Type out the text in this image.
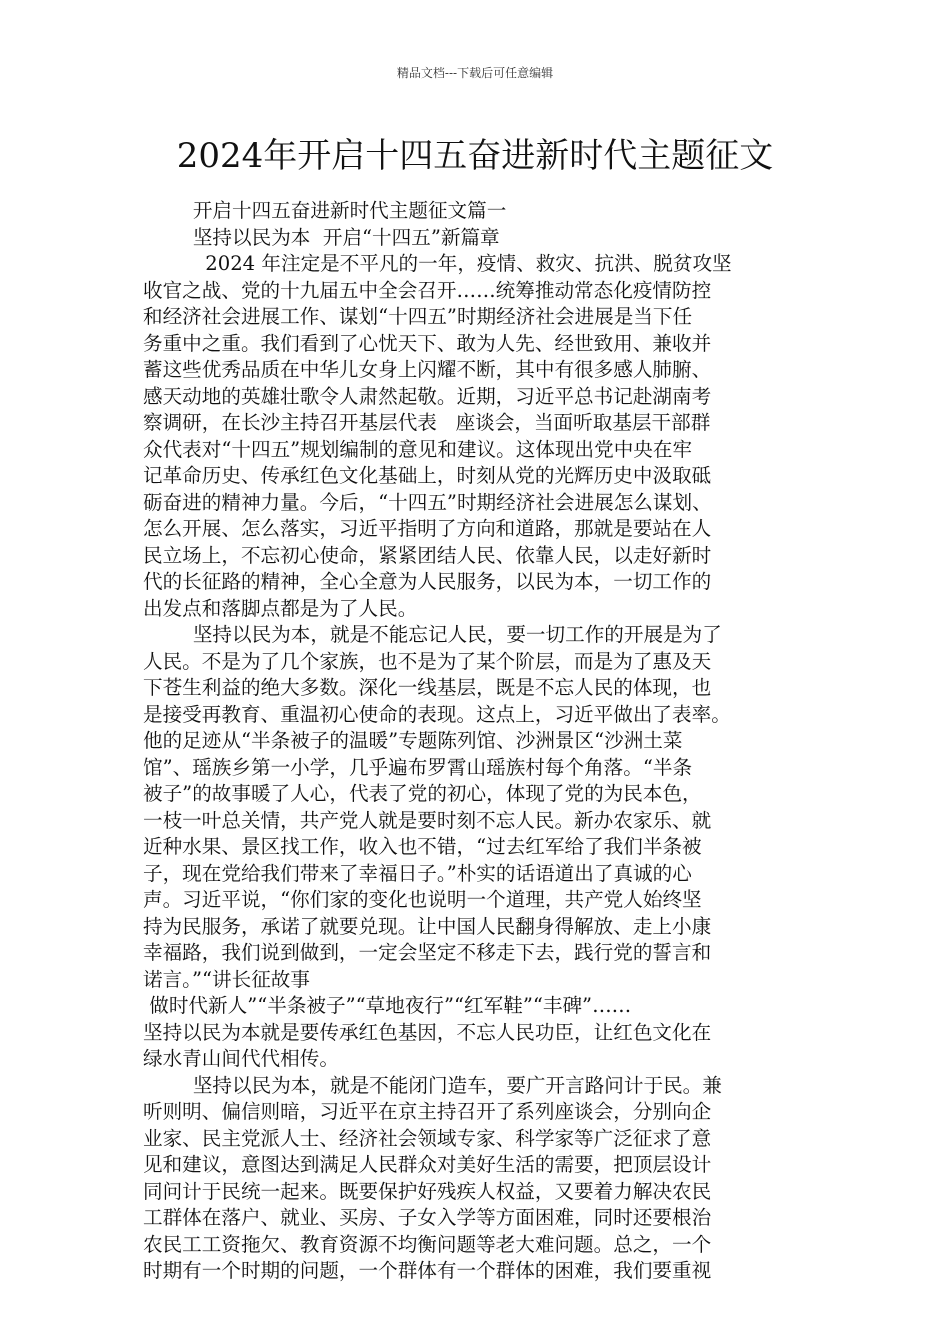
精品文档---下载后可任意编辑
2024年开启十四五奋进新时代主题征文
开启十四五奋进新时代主题征文篇一
坚持以民为本  开启“十四五”新篇章
2024 年注定是不平凡的一年，疫情、救灾、抗洪、脱贫攻坚
收官之战、党的十九届五中全会召开……统筹推动常态化疫情防控
和经济社会进展工作、谋划“十四五”时期经济社会进展是当下任
务重中之重。我们看到了心忧天下、敢为人先、经世致用、兼收并
蓄这些优秀品质在中华儿女身上闪耀不断，其中有很多感人肺腑、
感天动地的英雄壮歌令人肃然起敬。近期，习近平总书记赴湖南考
察调研，在长沙主持召开基层代表   座谈会，当面听取基层干部群
众代表对“十四五”规划编制的意见和建议。这体现出党中央在牢
记革命历史、传承红色文化基础上，时刻从党的光辉历史中汲取砥
砺奋进的精神力量。今后，“十四五”时期经济社会进展怎么谋划、
怎么开展、怎么落实，习近平指明了方向和道路，那就是要站在人
民立场上，不忘初心使命，紧紧团结人民、依靠人民，以走好新时
代的长征路的精神，全心全意为人民服务，以民为本，一切工作的
出发点和落脚点都是为了人民。
坚持以民为本，就是不能忘记人民，要一切工作的开展是为了
人民。不是为了几个家族，也不是为了某个阶层，而是为了惠及天
下苍生利益的绝大多数。深化一线基层，既是不忘人民的体现，也
是接受再教育、重温初心使命的表现。这点上，习近平做出了表率。
他的足迹从“半条被子的温暖”专题陈列馆、沙洲景区“沙洲土菜
馆”、瑶族乡第一小学，几乎遍布罗霄山瑶族村每个角落。“半条
被子”的故事暖了人心，代表了党的初心，体现了党的为民本色，
一枝一叶总关情，共产党人就是要时刻不忘人民。新办农家乐、就
近种水果、景区找工作，收入也不错，“过去红军给了我们半条被
子，现在党给我们带来了幸福日子。”朴实的话语道出了真诚的心
声。习近平说，“你们家的变化也说明一个道理，共产党人始终坚
持为民服务，承诺了就要兑现。让中国人民翻身得解放、走上小康
幸福路，我们说到做到，一定会坚定不移走下去，践行党的誓言和
诺言。”“讲长征故事
做时代新人”“半条被子”“草地夜行”“红军鞋”“丰碑”……
坚持以民为本就是要传承红色基因，不忘人民功臣，让红色文化在
绿水青山间代代相传。
坚持以民为本，就是不能闭门造车，要广开言路问计于民。兼
听则明、偏信则暗，习近平在京主持召开了系列座谈会，分别向企
业家、民主党派人士、经济社会领域专家、科学家等广泛征求了意
见和建议，意图达到满足人民群众对美好生活的需要，把顶层设计
同问计于民统一起来。既要保护好残疾人权益，又要着力解决农民
工群体在落户、就业、买房、子女入学等方面困难，同时还要根治
农民工工资拖欠、教育资源不均衡问题等老大难问题。总之，一个
时期有一个时期的问题，一个群体有一个群体的困难，我们要重视
